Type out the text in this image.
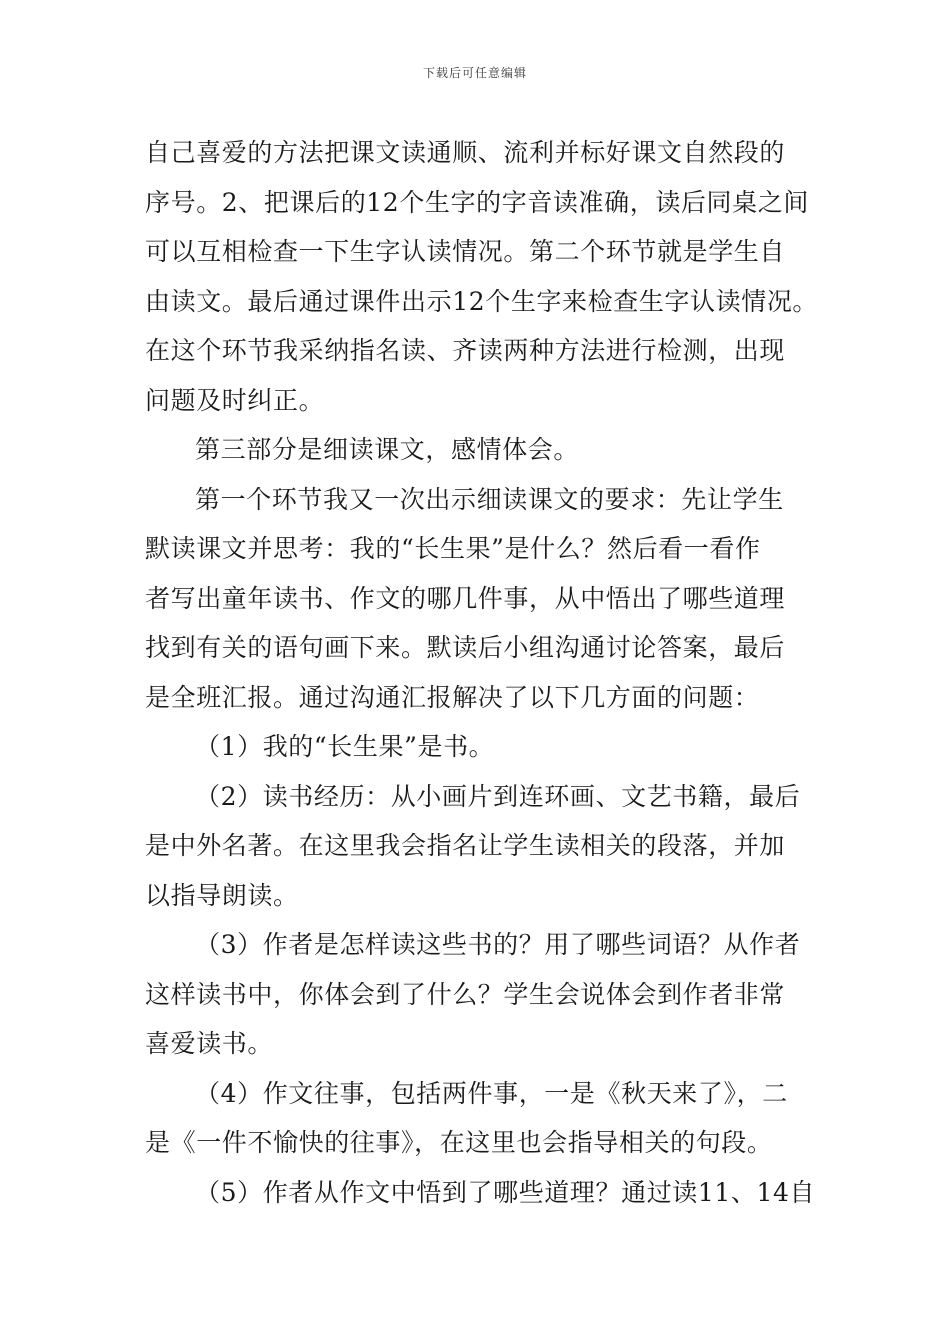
下载后可任意编辑
自己喜爱的方法把课文读通顺、流利并标好课文自然段的
序号。2、把课后的12个生字的字音读准确，读后同桌之间
可以互相检查一下生字认读情况。第二个环节就是学生自
由读文。最后通过课件出示12个生字来检查生字认读情况。
在这个环节我采纳指名读、齐读两种方法进行检测，出现
问题及时纠正。
第三部分是细读课文，感情体会。
第一个环节我又一次出示细读课文的要求：先让学生
默读课文并思考：我的“长生果”是什么？然后看一看作
者写出童年读书、作文的哪几件事，从中悟出了哪些道理
找到有关的语句画下来。默读后小组沟通讨论答案，最后
是全班汇报。通过沟通汇报解决了以下几方面的问题：
（1）我的“长生果”是书。
（2）读书经历：从小画片到连环画、文艺书籍，最后
是中外名著。在这里我会指名让学生读相关的段落，并加
以指导朗读。
（3）作者是怎样读这些书的？用了哪些词语？从作者
这样读书中，你体会到了什么？学生会说体会到作者非常
喜爱读书。
（4）作文往事，包括两件事，一是《秋天来了》，二
是《一件不愉快的往事》，在这里也会指导相关的句段。
（5）作者从作文中悟到了哪些道理？通过读11、14自
